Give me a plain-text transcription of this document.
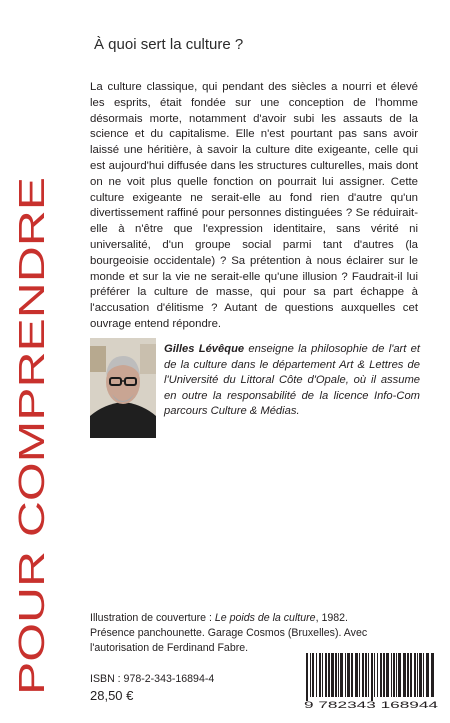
POUR COMPRENDRE
À quoi sert la culture ?

La culture classique, qui pendant des siècles a nourri et élevé les esprits, était fondée sur une conception de l'homme désormais morte, notamment d'avoir subi les assauts de la science et du capitalisme. Elle n'est pourtant pas sans avoir laissé une héritière, à savoir la culture dite exigeante, celle qui est aujourd'hui diffusée dans les structures culturelles, mais dont on ne voit plus quelle fonction on pourrait lui assigner. Cette culture exigeante ne serait-elle au fond rien d'autre qu'un divertissement raffiné pour personnes distinguées ? Se réduirait-elle à n'être que l'expression identitaire, sans vérité ni universalité, d'un groupe social parmi tant d'autres (la bourgeoisie occidentale) ? Sa prétention à nous éclairer sur le monde et sur la vie ne serait-elle qu'une illusion ? Faudrait-il lui préférer la culture de masse, qui pour sa part échappe à l'accusation d'élitisme ? Autant de questions auxquelles cet ouvrage entend répondre.

Gilles Lévêque enseigne la philosophie de l'art et de la culture dans le département Art & Lettres de l'Université du Littoral Côte d'Opale, où il assume en outre la responsabilité de la licence Info-Com parcours Culture & Médias.

Illustration de couverture : Le poids de la culture, 1982. Présence panchounette. Garage Cosmos (Bruxelles). Avec l'autorisation de Ferdinand Fabre.

ISBN : 978-2-343-16894-4
28,50 €
9 782343 168944
